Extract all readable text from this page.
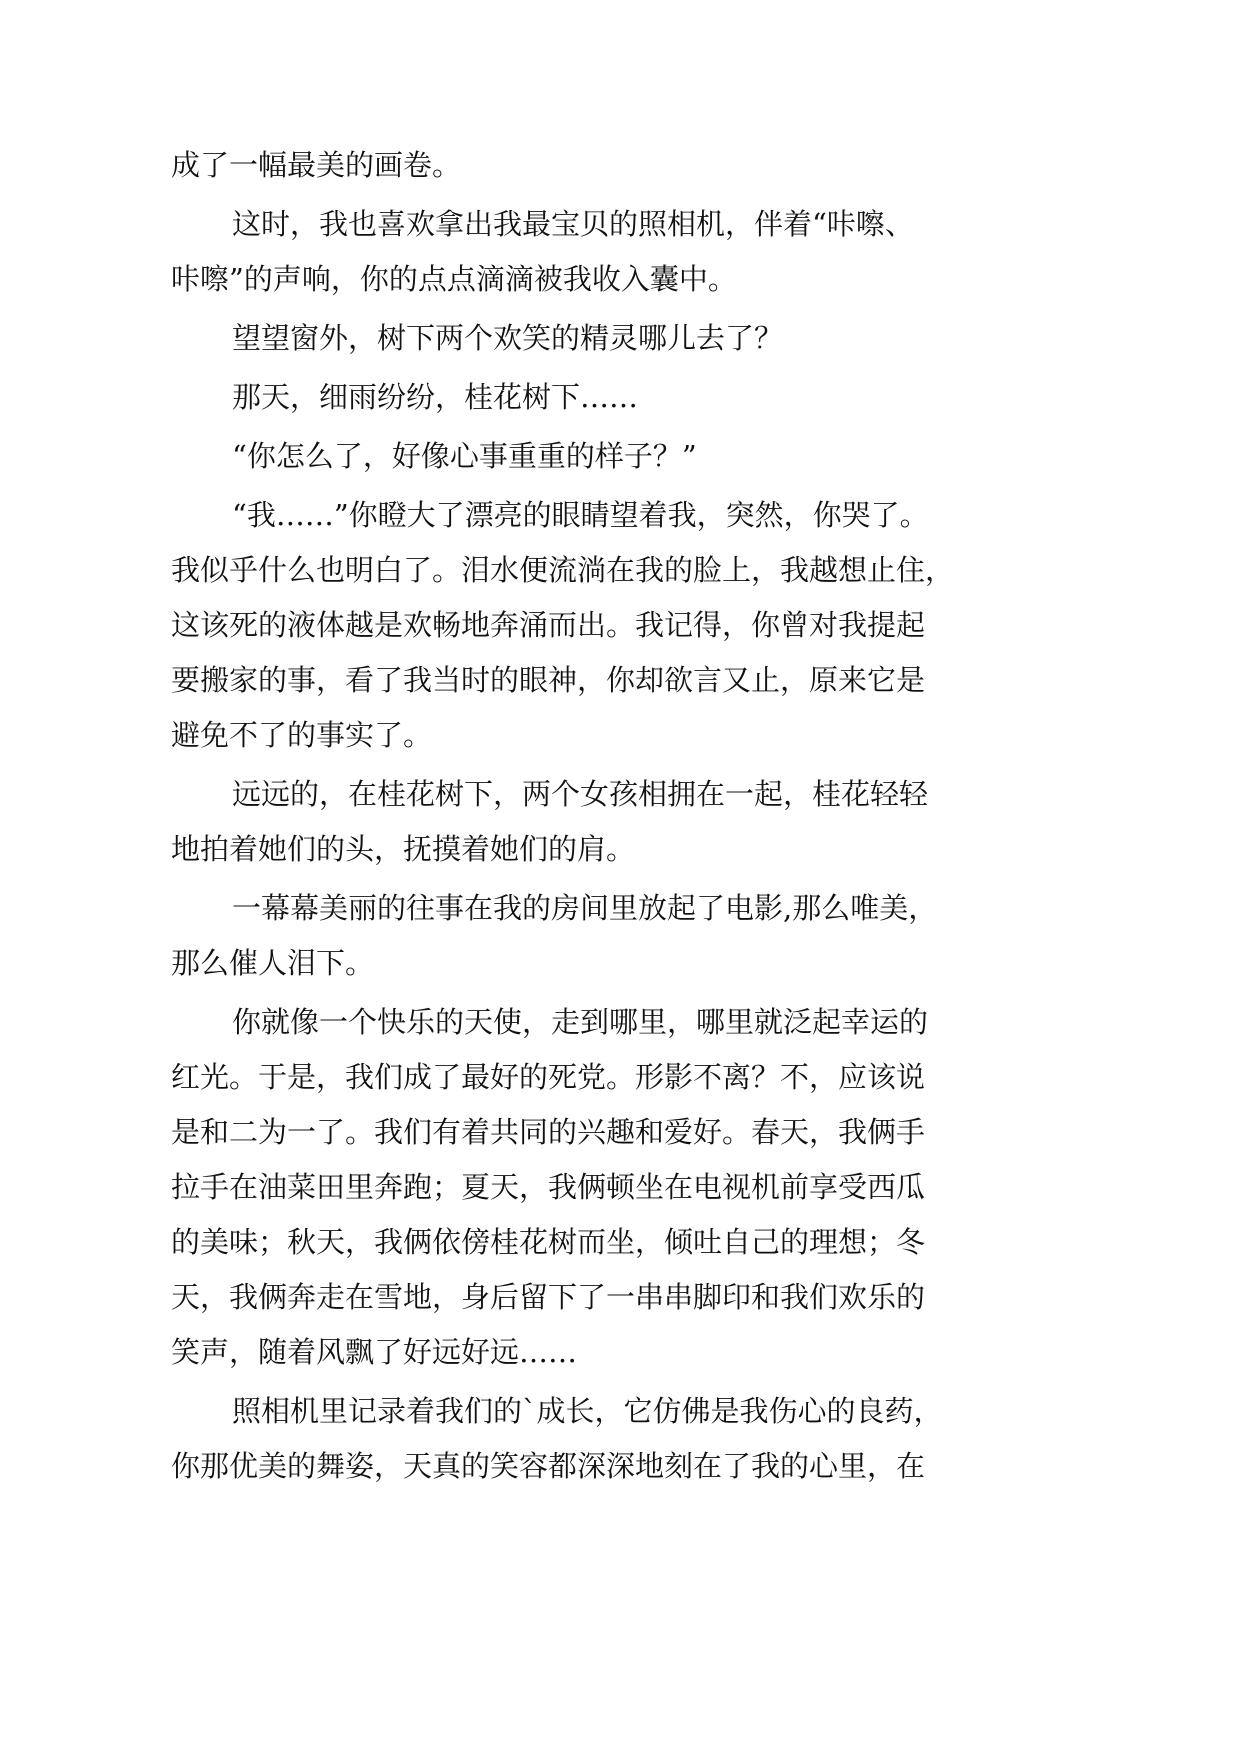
成了一幅最美的画卷。

这时，我也喜欢拿出我最宝贝的照相机，伴着“咔嚓、
咔嚓”的声响，你的点点滴滴被我收入囊中。

望望窗外，树下两个欢笑的精灵哪儿去了？

那天，细雨纷纷，桂花树下……

“你怎么了，好像心事重重的样子？”

“我……”你瞪大了漂亮的眼睛望着我，突然，你哭了。
我似乎什么也明白了。泪水便流淌在我的脸上，我越想止住，
这该死的液体越是欢畅地奔涌而出。我记得，你曾对我提起
要搬家的事，看了我当时的眼神，你却欲言又止，原来它是
避免不了的事实了。

远远的，在桂花树下，两个女孩相拥在一起，桂花轻轻
地拍着她们的头，抚摸着她们的肩。

一幕幕美丽的往事在我的房间里放起了电影,那么唯美，
那么催人泪下。

你就像一个快乐的天使，走到哪里，哪里就泛起幸运的
红光。于是，我们成了最好的死党。形影不离？不，应该说
是和二为一了。我们有着共同的兴趣和爱好。春天，我俩手
拉手在油菜田里奔跑；夏天，我俩顿坐在电视机前享受西瓜
的美味；秋天，我俩依傍桂花树而坐，倾吐自己的理想；冬
天，我俩奔走在雪地，身后留下了一串串脚印和我们欢乐的
笑声，随着风飘了好远好远……

照相机里记录着我们的`成长，它仿佛是我伤心的良药，
你那优美的舞姿，天真的笑容都深深地刻在了我的心里，在
